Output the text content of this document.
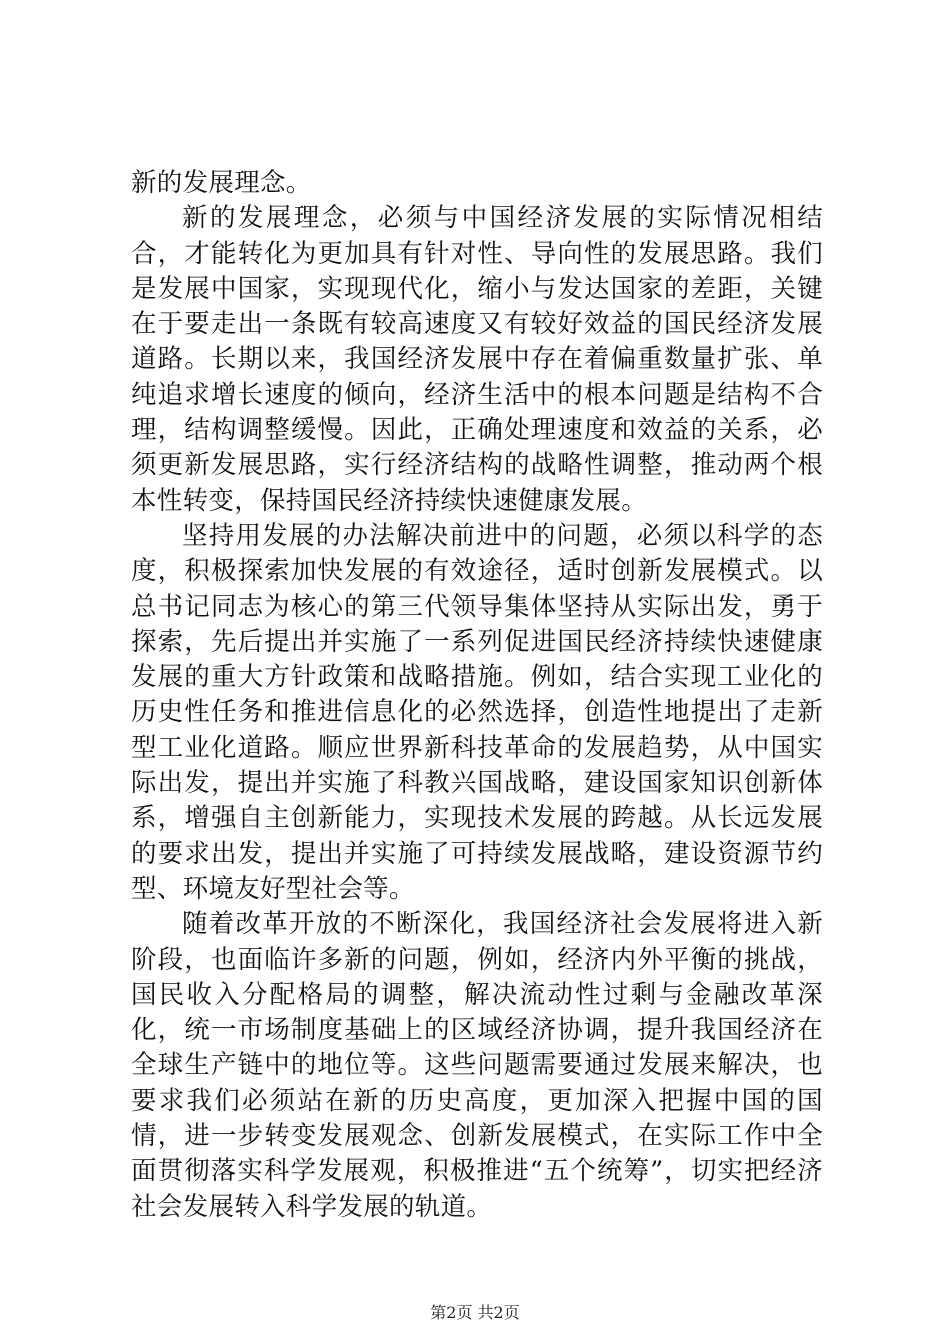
新的发展理念。

新的发展理念，必须与中国经济发展的实际情况相结合，才能转化为更加具有针对性、导向性的发展思路。我们是发展中国家，实现现代化，缩小与发达国家的差距，关键在于要走出一条既有较高速度又有较好效益的国民经济发展道路。长期以来，我国经济发展中存在着偏重数量扩张、单纯追求增长速度的倾向，经济生活中的根本问题是结构不合理，结构调整缓慢。因此，正确处理速度和效益的关系，必须更新发展思路，实行经济结构的战略性调整，推动两个根本性转变，保持国民经济持续快速健康发展。

坚持用发展的办法解决前进中的问题，必须以科学的态度，积极探索加快发展的有效途径，适时创新发展模式。以总书记同志为核心的第三代领导集体坚持从实际出发，勇于探索，先后提出并实施了一系列促进国民经济持续快速健康发展的重大方针政策和战略措施。例如，结合实现工业化的历史性任务和推进信息化的必然选择，创造性地提出了走新型工业化道路。顺应世界新科技革命的发展趋势，从中国实际出发，提出并实施了科教兴国战略，建设国家知识创新体系，增强自主创新能力，实现技术发展的跨越。从长远发展的要求出发，提出并实施了可持续发展战略，建设资源节约型、环境友好型社会等。

随着改革开放的不断深化，我国经济社会发展将进入新阶段，也面临许多新的问题，例如，经济内外平衡的挑战，国民收入分配格局的调整，解决流动性过剩与金融改革深化，统一市场制度基础上的区域经济协调，提升我国经济在全球生产链中的地位等。这些问题需要通过发展来解决，也要求我们必须站在新的历史高度，更加深入把握中国的国情，进一步转变发展观念、创新发展模式，在实际工作中全面贯彻落实科学发展观，积极推进“五个统筹”，切实把经济社会发展转入科学发展的轨道。

第2页 共2页
